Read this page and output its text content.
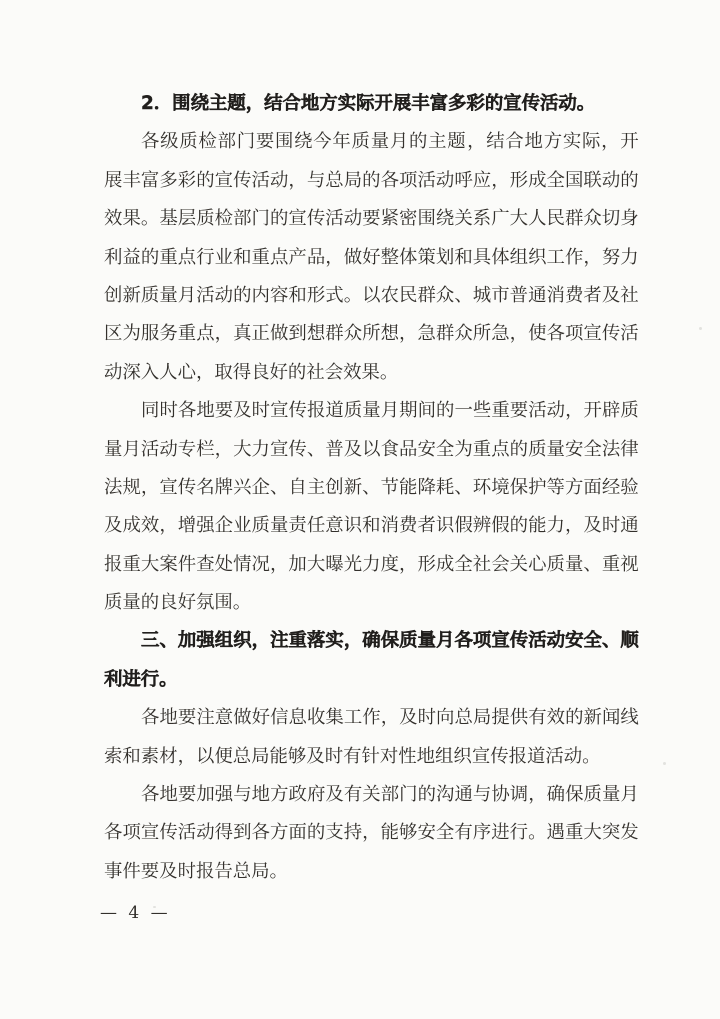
2．围绕主题，结合地方实际开展丰富多彩的宣传活动。
各 级 质 检 部 门 要 围 绕 今 年 质 量 月 的 主 题 ， 结 合 地 方 实 际 ， 开
展 丰 富 多 彩 的 宣 传 活 动 ， 与 总 局 的 各 项 活 动 呼 应 ， 形 成 全 国 联 动 的
效 果 。 基 层 质 检 部 门 的 宣 传 活 动 要 紧 密 围 绕 关 系 广 大 人 民 群 众 切 身
利 益 的 重 点 行 业 和 重 点 产 品 ， 做 好 整 体 策 划 和 具 体 组 织 工 作 ， 努 力
创 新 质 量 月 活 动 的 内 容 和 形 式 。 以 农 民 群 众 、 城 市 普 通 消 费 者 及 社
区 为 服 务 重 点 ， 真 正 做 到 想 群 众 所 想 ， 急 群 众 所 急 ， 使 各 项 宣 传 活
动深入人心，取得良好的社会效果。
同 时 各 地 要 及 时 宣 传 报 道 质 量 月 期 间 的 一 些 重 要 活 动 ， 开 辟 质
量 月 活 动 专 栏 ， 大 力 宣 传 、 普 及 以 食 品 安 全 为 重 点 的 质 量 安 全 法 律
法 规 ， 宣 传 名 牌 兴 企 、 自 主 创 新 、 节 能 降 耗 、 环 境 保 护 等 方 面 经 验
及 成 效 ， 增 强 企 业 质 量 责 任 意 识 和 消 费 者 识 假 辨 假 的 能 力 ， 及 时 通
报 重 大 案 件 查 处 情 况 ， 加 大 曝 光 力 度 ， 形 成 全 社 会 关 心 质 量 、 重 视
质量的良好氛围。
三 、 加 强 组 织 ， 注 重 落 实 ， 确 保 质 量 月 各 项 宣 传 活 动 安 全 、 顺
利进行。
各 地 要 注 意 做 好 信 息 收 集 工 作 ， 及 时 向 总 局 提 供 有 效 的 新 闻 线
索和素材，以便总局能够及时有针对性地组织宣传报道活动。
各 地 要 加 强 与 地 方 政 府 及 有 关 部 门 的 沟 通 与 协 调 ， 确 保 质 量 月
各 项 宣 传 活 动 得 到 各 方 面 的 支 持 ， 能 够 安 全 有 序 进 行 。 遇 重 大 突 发
事件要及时报告总局。
— 4 —
